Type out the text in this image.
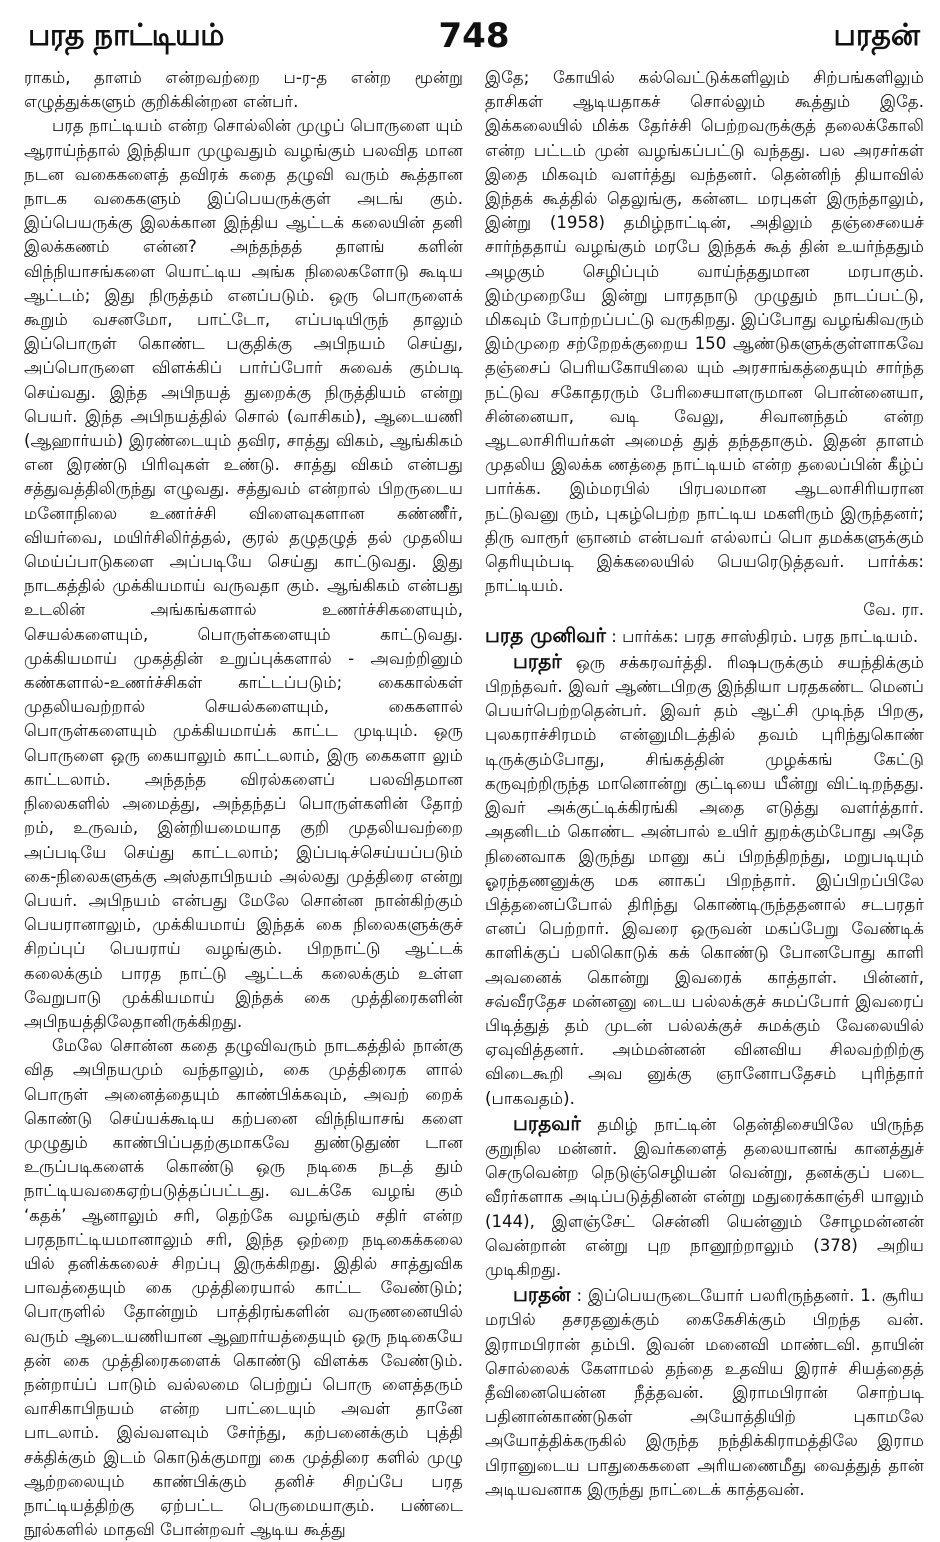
பரத நாட்டியம்	748	பரதன்

ராகம், தாளம் என்றவற்றை ப-ர-த என்ற மூன்று எழுத்துக்களும் குறிக்கின்றன என்பர்.

பரத நாட்டியம் என்ற சொல்லின் முழுப் பொருளை யும் ஆராய்ந்தால் இந்தியா முழுவதும் வழங்கும் பலவித மான நடன வகைகளைத் தவிரக் கதை தழுவி வரும் கூத்தான நாடக வகைகளும் இப்பெயருக்குள் அடங் கும். இப்பெயருக்கு இலக்கான இந்திய ஆட்டக் கலையின் தனி இலக்கணம் என்ன? அந்தந்தத் தாளங் களின் விந்நியாசங்களை யொட்டிய அங்க நிலைகளோடு கூடிய ஆட்டம்; இது நிருத்தம் எனப்படும். ஒரு பொருளைக் கூறும் வசனமோ, பாட்டோ, எப்படியிருந் தாலும் இப்பொருள் கொண்ட பகுதிக்கு அபிநயம் செய்து, அப்பொருளை விளக்கிப் பார்ப்போர் சுவைக் கும்படி செய்வது. இந்த அபிநயத் துறைக்கு நிருத்தியம் என்று பெயர். இந்த அபிநயத்தில் சொல் (வாசிகம்), ஆடையணி (ஆஹார்யம்) இரண்டையும் தவிர, சாத்து விகம், ஆங்கிகம் என இரண்டு பிரிவுகள் உண்டு. சாத்து விகம் என்பது சத்துவத்திலிருந்து எழுவது. சத்துவம் என்றால் பிறருடைய மனோநிலை உணர்ச்சி விளைவுகளான கண்ணீர், வியர்வை, மயிர்சிலிர்த்தல், குரல் தழுதழுத் தல் முதலிய மெய்ப்பாடுகளை அப்படியே செய்து காட்டுவது. இது நாடகத்தில் முக்கியமாய் வருவதா கும். ஆங்கிகம் என்பது உடலின் அங்கங்களால் உணர்ச்சிகளையும், செயல்களையும், பொருள்களையும் காட்டுவது. முக்கியமாய் முகத்தின் உறுப்புக்களால் - அவற்றினும் கண்களால்-உணர்ச்சிகள் காட்டப்படும்; கைகால்கள் முதலியவற்றால் செயல்களையும், கைகளால் பொருள்களையும் முக்கியமாய்க் காட்ட முடியும். ஒரு பொருளை ஒரு கையாலும் காட்டலாம், இரு கைகளா லும் காட்டலாம். அந்தந்த விரல்களைப் பலவிதமான நிலைகளில் அமைத்து, அந்தந்தப் பொருள்களின் தோற் றம், உருவம், இன்றியமையாத குறி முதலியவற்றை அப்படியே செய்து காட்டலாம்; இப்படிச்செய்யப்படும் கை-நிலைகளுக்கு அஸ்தாபிநயம் அல்லது முத்திரை என்று பெயர். அபிநயம் என்பது மேலே சொன்ன நான்கிற்கும் பெயரானாலும், முக்கியமாய் இந்தக் கை நிலைகளுக்குச் சிறப்புப் பெயராய் வழங்கும். பிறநாட்டு ஆட்டக் கலைக்கும் பாரத நாட்டு ஆட்டக் கலைக்கும் உள்ள வேறுபாடு முக்கியமாய் இந்தக் கை முத்திரைகளின் அபிநயத்திலேதானிருக்கிறது.

மேலே சொன்ன கதை தழுவிவரும் நாடகத்தில் நான்கு வித அபிநயமும் வந்தாலும், கை முத்திரைக ளால் பொருள் அனைத்தையும் காண்பிக்கவும், அவற் றைக் கொண்டு செய்யக்கூடிய கற்பனை விந்நியாசங் களை முழுதும் காண்பிப்பதற்குமாகவே துண்டுதுண் டான உருப்படிகளைக் கொண்டு ஒரு நடிகை நடத் தும் நாட்டியவகைஏற்படுத்தப்பட்டது. வடக்கே வழங் கும் ‘கதக்’ ஆனாலும் சரி, தெற்கே வழங்கும் சதிர் என்ற பரதநாட்டியமானாலும் சரி, இந்த ஒற்றை நடிகைக்கலை யில் தனிக்கலைச் சிறப்பு இருக்கிறது. இதில் சாத்துவிக பாவத்தையும் கை முத்திரையால் காட்ட வேண்டும்; பொருளில் தோன்றும் பாத்திரங்களின் வருணனையில் வரும் ஆடையணியான ஆஹார்யத்தையும் ஒரு நடிகையே தன் கை முத்திரைகளைக் கொண்டு விளக்க வேண்டும். நன்றாய்ப் பாடும் வல்லமை பெற்றுப் பொரு ளைத்தரும் வாசிகாபிநயம் என்ற பாட்டையும் அவள் தானே பாடலாம். இவ்வளவும் சேர்ந்து, கற்பனைக்கும் புத்தி சக்திக்கும் இடம் கொடுக்குமாறு கை முத்திரை களில் முழு ஆற்றலையும் காண்பிக்கும் தனிச் சிறப்பே பரத நாட்டியத்திற்கு ஏற்பட்ட பெருமையாகும். பண்டை நூல்களில் மாதவி போன்றவர் ஆடிய கூத்து

இதே; கோயில் கல்வெட்டுக்களிலும் சிற்பங்களிலும் தாசிகள் ஆடியதாகச் சொல்லும் கூத்தும் இதே. இக்கலையில் மிக்க தேர்ச்சி பெற்றவருக்குத் தலைக்கோலி என்ற பட்டம் முன் வழங்கப்பட்டு வந்தது. பல அரசர்கள் இதை மிகவும் வளர்த்து வந்தனர். தென்னிந் தியாவில் இந்தக் கூத்தில் தெலுங்கு, கன்னட மரபுகள் இருந்தாலும், இன்று (1958) தமிழ்நாட்டின், அதிலும் தஞ்சையைச் சார்ந்ததாய் வழங்கும் மரபே இந்தக் கூத் தின் உயர்ந்ததும் அழகும் செழிப்பும் வாய்ந்ததுமான மரபாகும். இம்முறையே இன்று பாரதநாடு முழுதும் நாடப்பட்டு, மிகவும் போற்றப்பட்டு வருகிறது. இப்போது வழங்கிவரும் இம்முறை சற்றேறக்குறைய 150 ஆண்டுகளுக்குள்ளாகவே தஞ்சைப் பெரியகோயிலை யும் அரசாங்கத்தையும் சார்ந்த நட்டுவ சகோதரரும் பேரிசையாளருமான பொன்னையா, சின்னையா, வடி வேலு, சிவானந்தம் என்ற ஆடலாசிரியர்கள் அமைத் துத் தந்ததாகும். இதன் தாளம் முதலிய இலக்க ணத்தை நாட்டியம் என்ற தலைப்பின் கீழ்ப் பார்க்க. இம்மரபில் பிரபலமான ஆடலாசிரியரான நட்டுவனு ரும், புகழ்பெற்ற நாட்டிய மகளிரும் இருந்தனர்; திரு வாரூர் ஞானம் என்பவர் எல்லாப் பொ தமக்களுக்கும் தெரியும்படி இக்கலையில் பெயரெடுத்தவர். பார்க்க: நாட்டியம்.

வே. ரா.

பரத முனிவர் : பார்க்க: பரத சாஸ்திரம். பரத நாட்டியம்.

பரதர் ஒரு சக்கரவர்த்தி. ரிஷபருக்கும் சயந்திக்கும் பிறந்தவர். இவர் ஆண்டபிறகு இந்தியா பரதகண்ட மெனப் பெயர்பெற்றதென்பர். இவர் தம் ஆட்சி முடிந்த பிறகு, புலகராச்சிரமம் என்னுமிடத்தில் தவம் புரிந்துகொண் டிருக்கும்போது, சிங்கத்தின் முழக்கங் கேட்டு கருவுற்றிருந்த மானொன்று குட்டியை யீன்று விட்டிறந்தது. இவர் அக்குட்டிக்கிரங்கி அதை எடுத்து வளர்த்தார். அதனிடம் கொண்ட அன்பால் உயிர் துறக்கும்போது அதே நினைவாக இருந்து மானு கப் பிறந்திறந்து, மறுபடியும் ஓரந்தணனுக்கு மக னாகப் பிறந்தார். இப்பிறப்பிலே பித்தனைப்போல் திரிந்து கொண்டிருந்ததனால் சடபரதர் எனப் பெற்றார். இவரை ஒருவன் மகப்பேறு வேண்டிக் காளிக்குப் பலிகொடுக் கக் கொண்டு போனபோது காளி அவனைக் கொன்று இவரைக் காத்தாள். பின்னர், சவ்வீரதேச மன்னனு டைய பல்லக்குச் சுமப்போர் இவரைப் பிடித்துத் தம் முடன் பல்லக்குச் சுமக்கும் வேலையில் ஏவுவித்தனர். அம்மன்னன் வினவிய சிலவற்றிற்கு விடைகூறி அவ னுக்கு ஞானோபதேசம் புரிந்தார் (பாகவதம்).

பரதவர் தமிழ் நாட்டின் தென்திசையிலே யிருந்த குறுநில மன்னர். இவர்களைத் தலையானங் கானத்துச் செருவென்ற நெடுஞ்செழியன் வென்று, தனக்குப் படை வீரர்களாக அடிப்படுத்தினன் என்று மதுரைக்காஞ்சி யாலும் (144), இளஞ்சேட் சென்னி யென்னும் சோழமன்னன் வென்றான் என்று புற நானூற்றாலும் (378) அறிய முடிகிறது.

பரதன் : இப்பெயருடையோர் பலரிருந்தனர். 1. சூரிய மரபில் தசரதனுக்கும் கைகேசிக்கும் பிறந்த வன். இராமபிரான் தம்பி. இவன் மனைவி மாண்டவி. தாயின் சொல்லைக் கேளாமல் தந்தை உதவிய இராச் சியத்தைத் தீவினையென்ன நீத்தவன். இராமபிரான் சொற்படி பதினான்காண்டுகள் அயோத்தியிற் புகாமலே அயோத்திக்கருகில் இருந்த நந்திக்கிராமத்திலே இராம பிரானுடைய பாதுகைகளை அரியணைமீது வைத்துத் தான் அடியவனாக இருந்து நாட்டைக் காத்தவன்.
